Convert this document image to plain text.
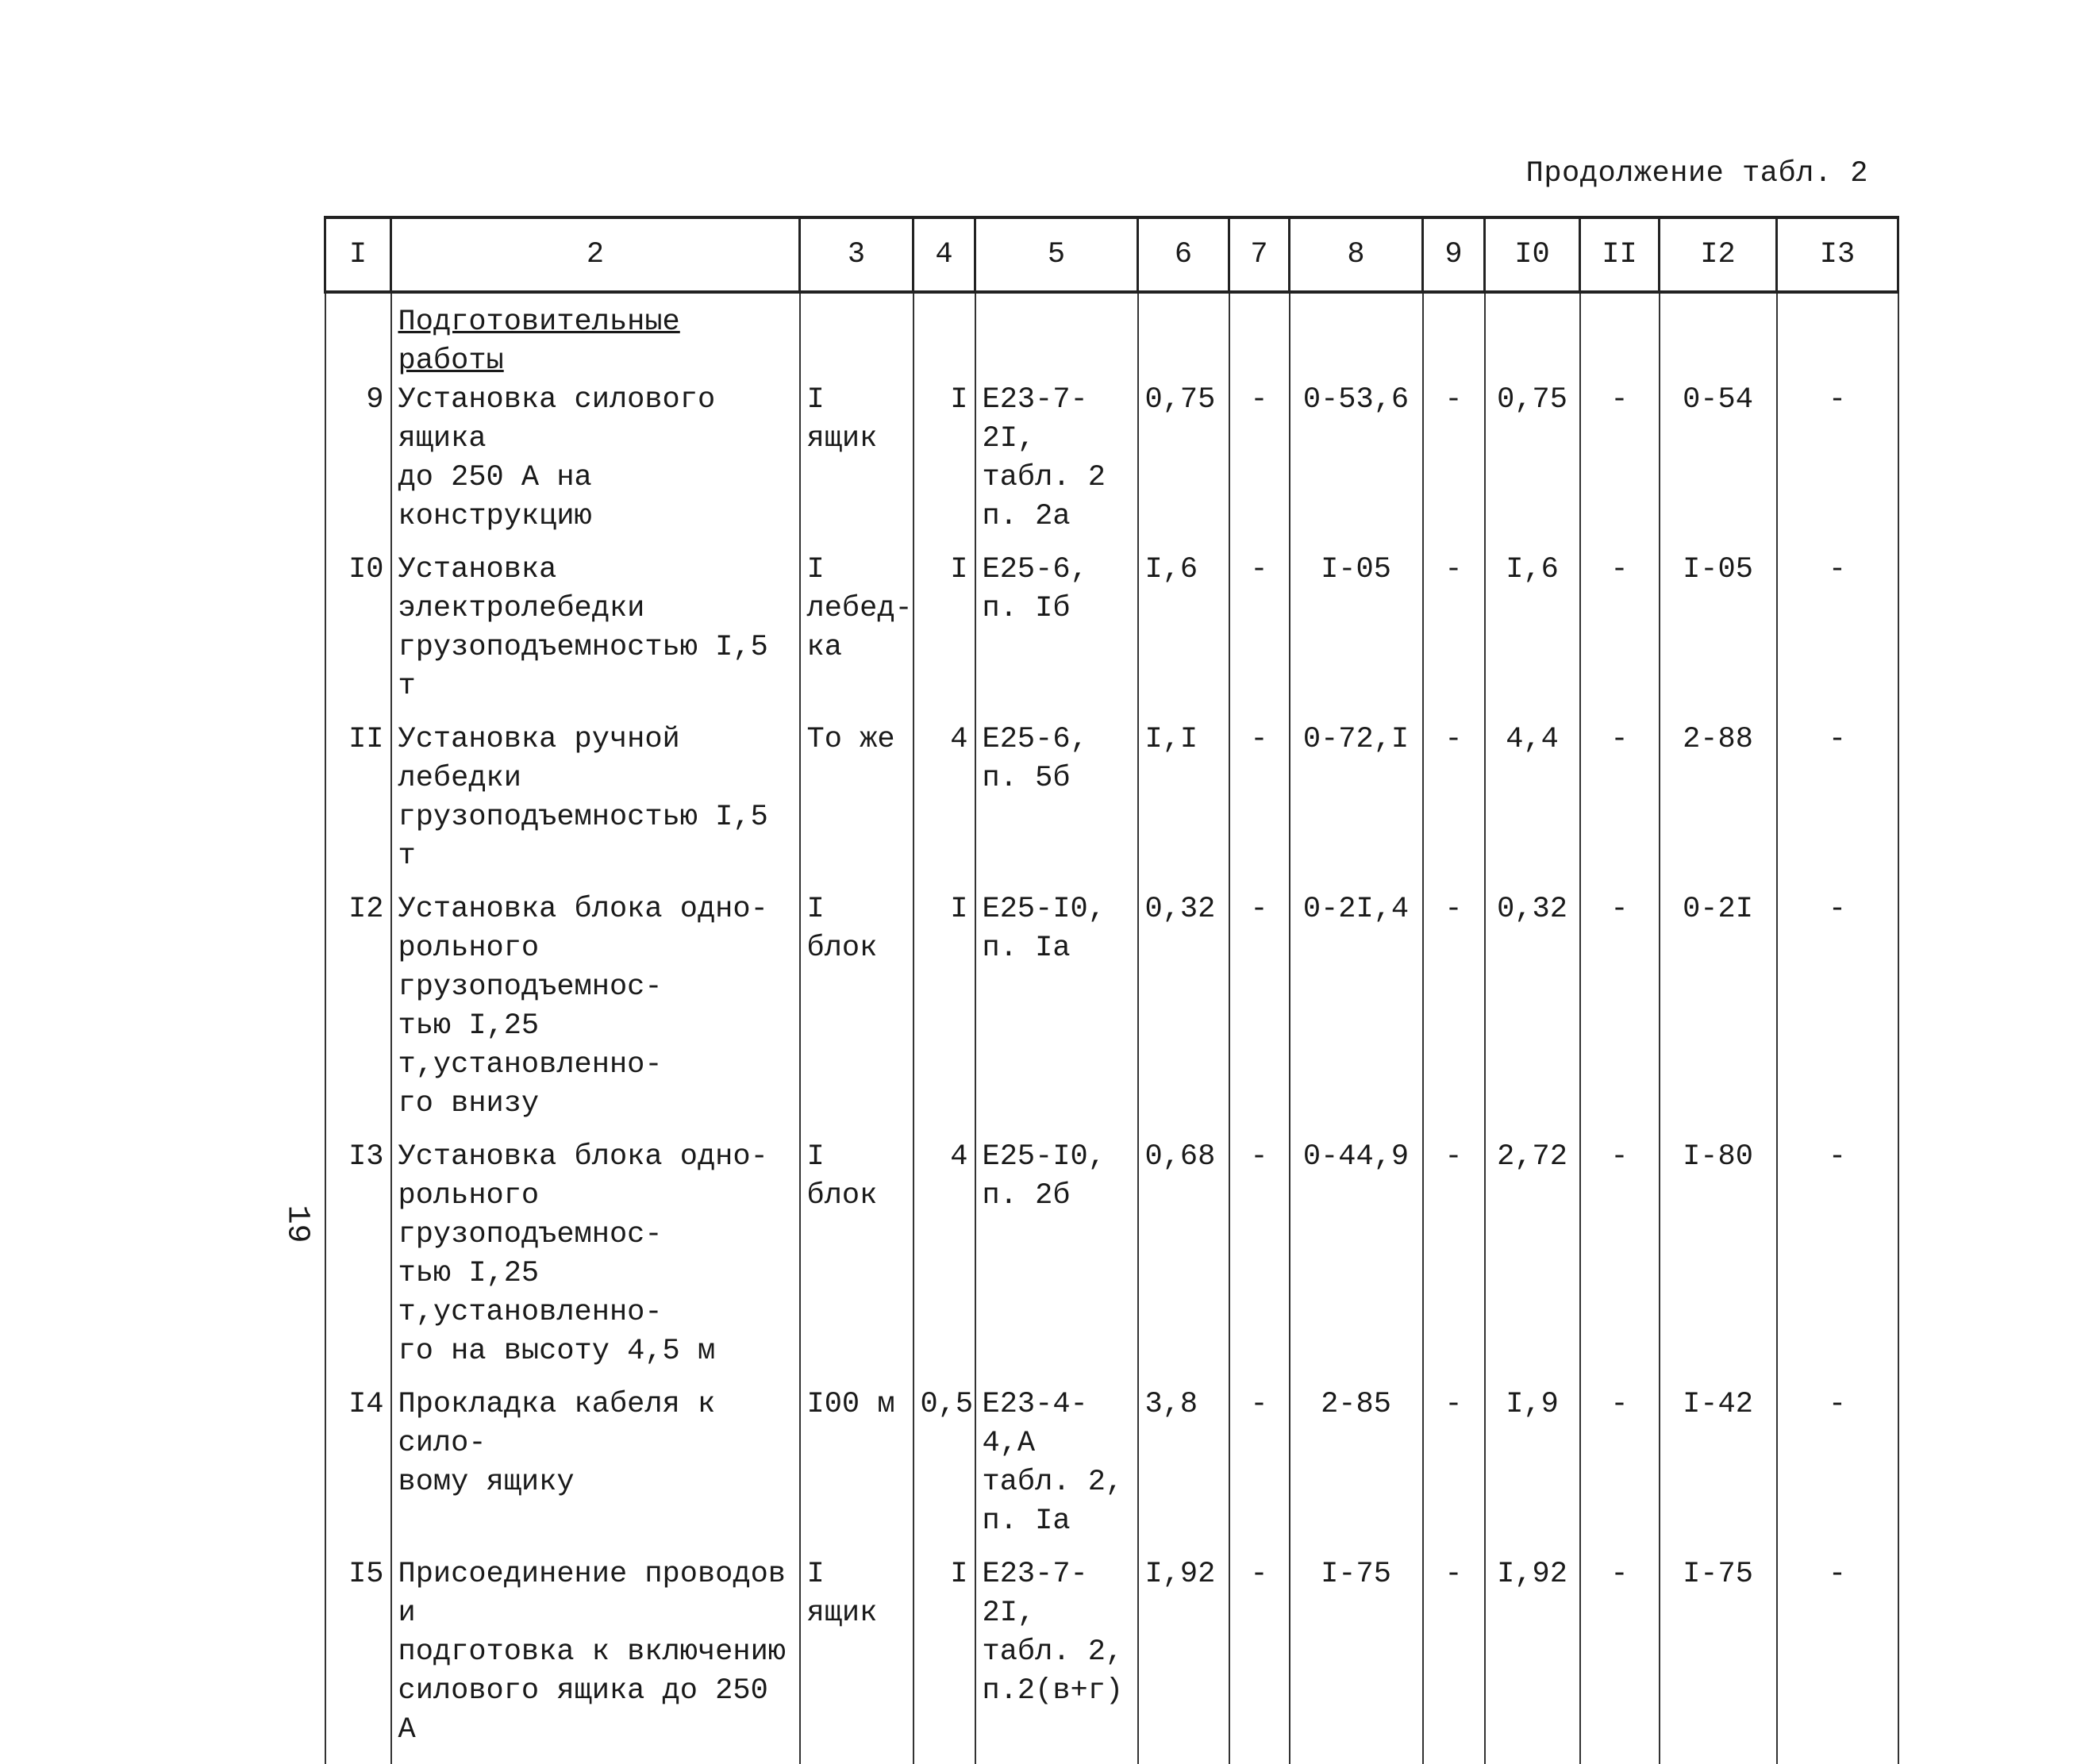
Продолжение табл. 2
I	2	3	4	5	6	7	8	9	I0	II	I2	I3
	Подготовительные работы											
9	Установка силового ящика
до 250 А на конструкцию	I ящик	I	Е23-7-2I,
табл. 2
п. 2а	0,75	-	0-53,6	-	0,75	-	0-54	-
I0	Установка электролебедки
грузоподъемностью I,5 т	I лебед-
ка	I	Е25-6,
п. Iб	I,6	-	I-05	-	I,6	-	I-05	-
II	Установка ручной лебедки
грузоподъемностью I,5 т	То же	4	Е25-6,
п. 5б	I,I	-	0-72,I	-	4,4	-	2-88	-
I2	Установка блока одно-
рольного грузоподъемнос-
тью I,25 т,установленно-
го внизу	I блок	I	Е25-I0,
п. Iа	0,32	-	0-2I,4	-	0,32	-	0-2I	-
I3	Установка блока одно-
рольного грузоподъемнос-
тью I,25 т,установленно-
го на высоту 4,5 м	I блок	4	Е25-I0,
п. 2б	0,68	-	0-44,9	-	2,72	-	I-80	-
I4	Прокладка кабеля к сило-
вому ящику	I00 м	0,5	Е23-4-4,А
табл. 2,
п. Iа	3,8	-	2-85	-	I,9	-	I-42	-
I5	Присоединение проводов и
подготовка к включению
силового ящика до 250 А	I ящик	I	Е23-7-2I,
табл. 2,
п.2(в+г)	I,92	-	I-75	-	I,92	-	I-75	-
19
